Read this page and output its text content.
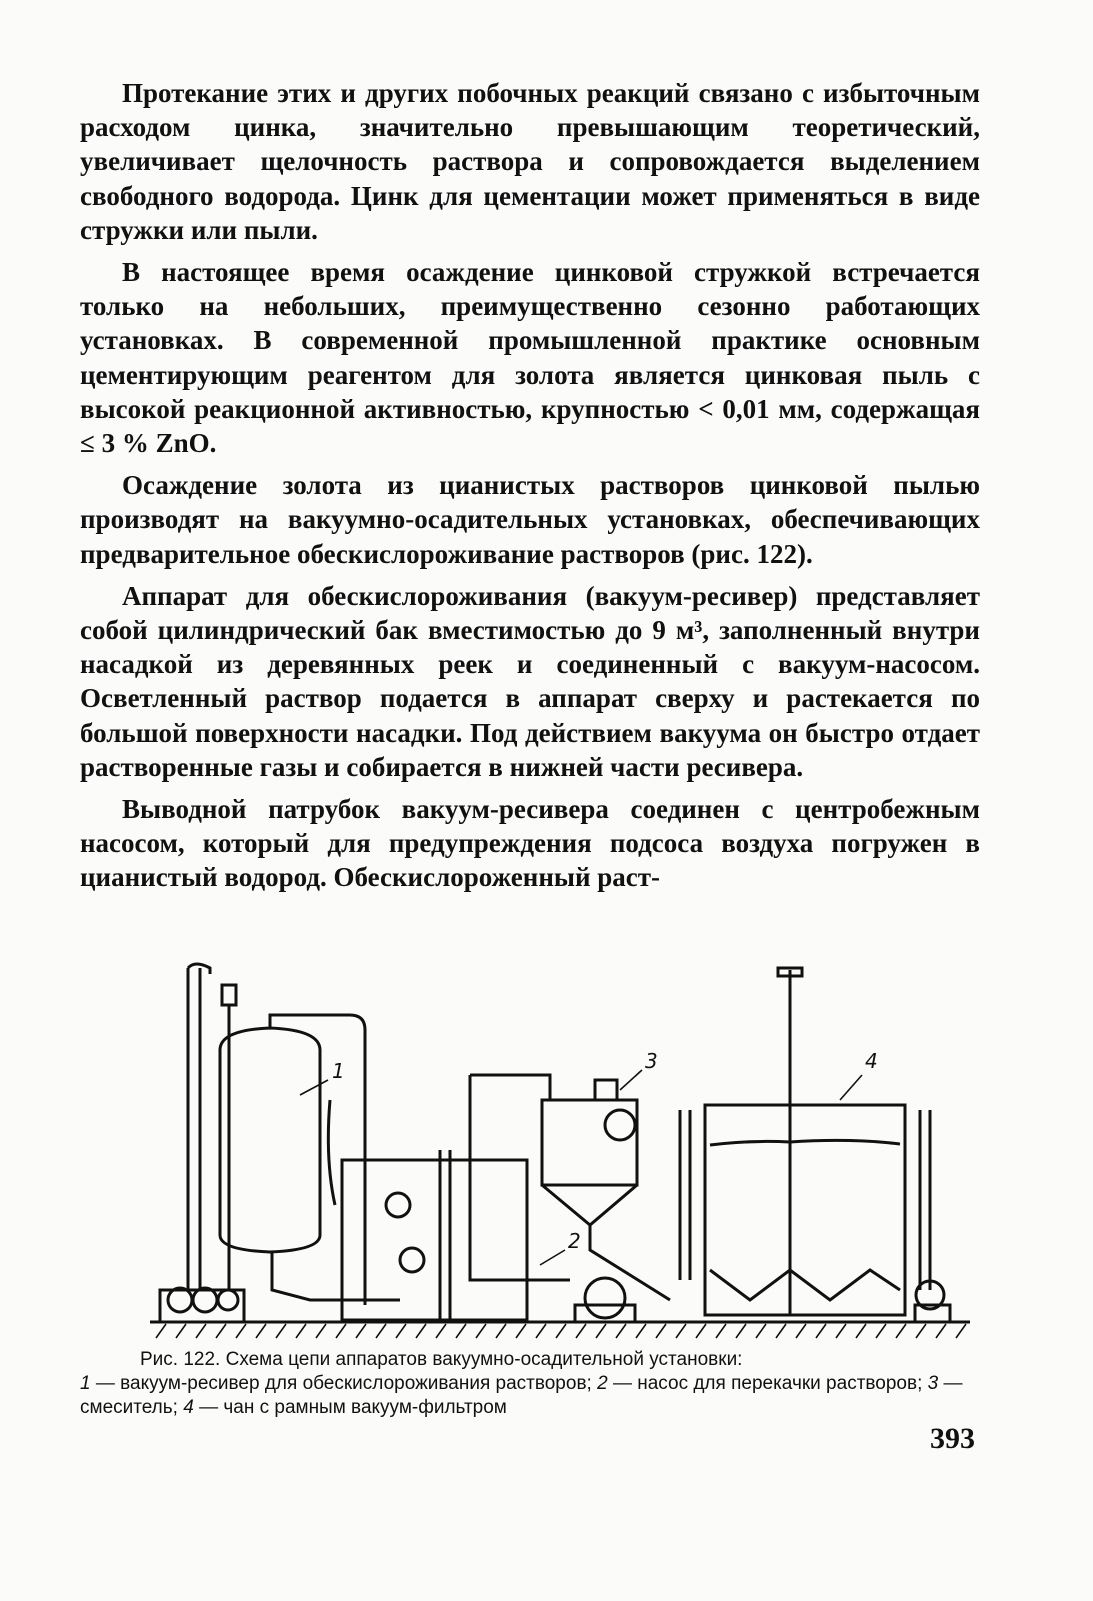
Протекание этих и других побочных реакций связано с избыточным расходом цинка, значительно превышающим теоретический, увеличивает щелочность раствора и сопровождается выделением свободного водорода. Цинк для цементации может применяться в виде стружки или пыли.

В настоящее время осаждение цинковой стружкой встречается только на небольших, преимущественно сезонно работающих установках. В современной промышленной практике основным цементирующим реагентом для золота является цинковая пыль с высокой реакционной активностью, крупностью < 0,01 мм, содержащая ≤ 3 % ZnO.

Осаждение золота из цианистых растворов цинковой пылью производят на вакуумно-осадительных установках, обеспечивающих предварительное обескислороживание растворов (рис. 122).

Аппарат для обескислороживания (вакуум-ресивер) представляет собой цилиндрический бак вместимостью до 9 м³, заполненный внутри насадкой из деревянных реек и соединенный с вакуум-насосом. Осветленный раствор подается в аппарат сверху и растекается по большой поверхности насадки. Под действием вакуума он быстро отдает растворенные газы и собирается в нижней части ресивера.

Выводной патрубок вакуум-ресивера соединен с центробежным насосом, который для предупреждения подсоса воздуха погружен в цианистый водород. Обескислороженный раст-

1
2
3	4
Рис. 122. Схема цепи аппаратов вакуумно-осадительной установки:
1 — вакуум-ресивер для обескислороживания растворов; 2 — насос для перекачки растворов; 3 — смеситель; 4 — чан с рамным вакуум-фильтром
393
